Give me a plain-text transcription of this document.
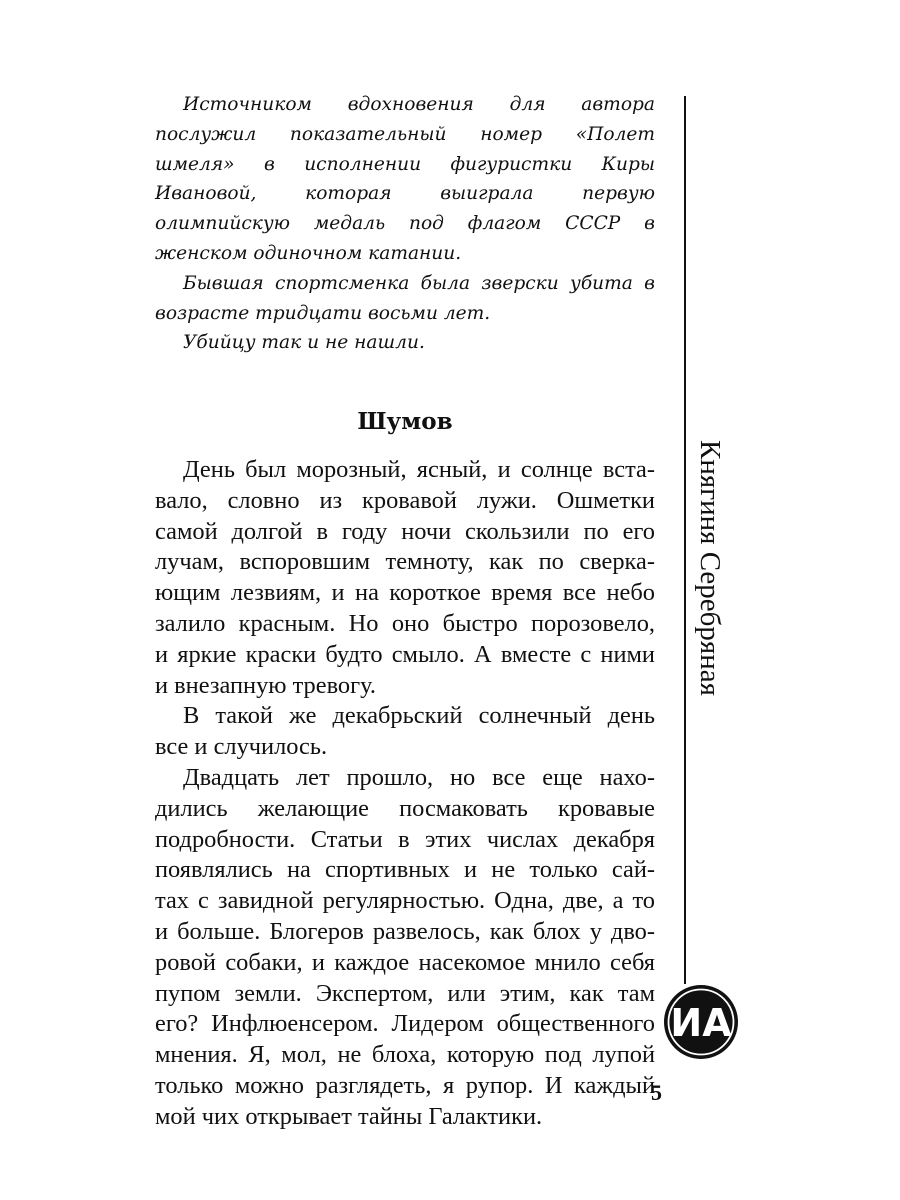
Источником вдохновения для автора послужил показательный номер «Полет шмеля» в исполнении фигуристки Киры Ивановой, которая выиграла первую олимпийскую медаль под флагом СССР в женском одиночном катании.

Бывшая спортсменка была зверски убита в возрасте тридцати восьми лет.

Убийцу так и не нашли.

Шумов
День был морозный, ясный, и солнце вста-
вало, словно из кровавой лужи. Ошметки
самой долгой в году ночи скользили по его
лучам, вспоровшим темноту, как по сверка-
ющим лезвиям, и на короткое время все небо
залило красным. Но оно быстро порозовело,
и яркие краски будто смыло. А вместе с ними
и внезапную тревогу.
В такой же декабрьский солнечный день
все и случилось.
Двадцать лет прошло, но все еще нахо-
дились желающие посмаковать кровавые
подробности. Статьи в этих числах декабря
появлялись на спортивных и не только сай-
тах с завидной регулярностью. Одна, две, а то
и больше. Блогеров развелось, как блох у дво-
ровой собаки, и каждое насекомое мнило себя
пупом земли. Экспертом, или этим, как там
его? Инфлюенсером. Лидером общественного
мнения. Я, мол, не блоха, которую под лупой
только можно разглядеть, я рупор. И каждый
мой чих открывает тайны Галактики.
Княгиня Серебряная
ИА
5
